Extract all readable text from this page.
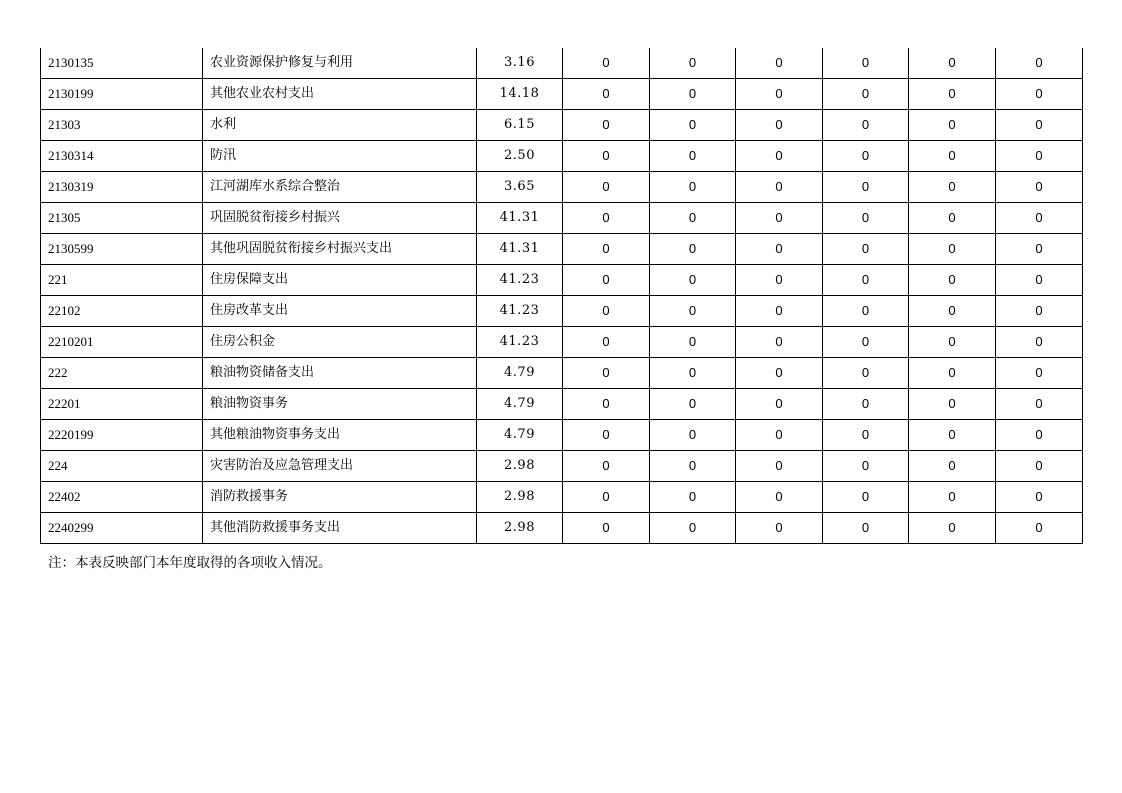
2130135	农业资源保护修复与利用	3.16	0	0	0	0	0	0
2130199	其他农业农村支出	14.18	0	0	0	0	0	0
21303	水利	6.15	0	0	0	0	0	0
2130314	防汛	2.50	0	0	0	0	0	0
2130319	江河湖库水系综合整治	3.65	0	0	0	0	0	0
21305	巩固脱贫衔接乡村振兴	41.31	0	0	0	0	0	0
2130599	其他巩固脱贫衔接乡村振兴支出	41.31	0	0	0	0	0	0
221	住房保障支出	41.23	0	0	0	0	0	0
22102	住房改革支出	41.23	0	0	0	0	0	0
2210201	住房公积金	41.23	0	0	0	0	0	0
222	粮油物资储备支出	4.79	0	0	0	0	0	0
22201	粮油物资事务	4.79	0	0	0	0	0	0
2220199	其他粮油物资事务支出	4.79	0	0	0	0	0	0
224	灾害防治及应急管理支出	2.98	0	0	0	0	0	0
22402	消防救援事务	2.98	0	0	0	0	0	0
2240299	其他消防救援事务支出	2.98	0	0	0	0	0	0
注：本表反映部门本年度取得的各项收入情况。
